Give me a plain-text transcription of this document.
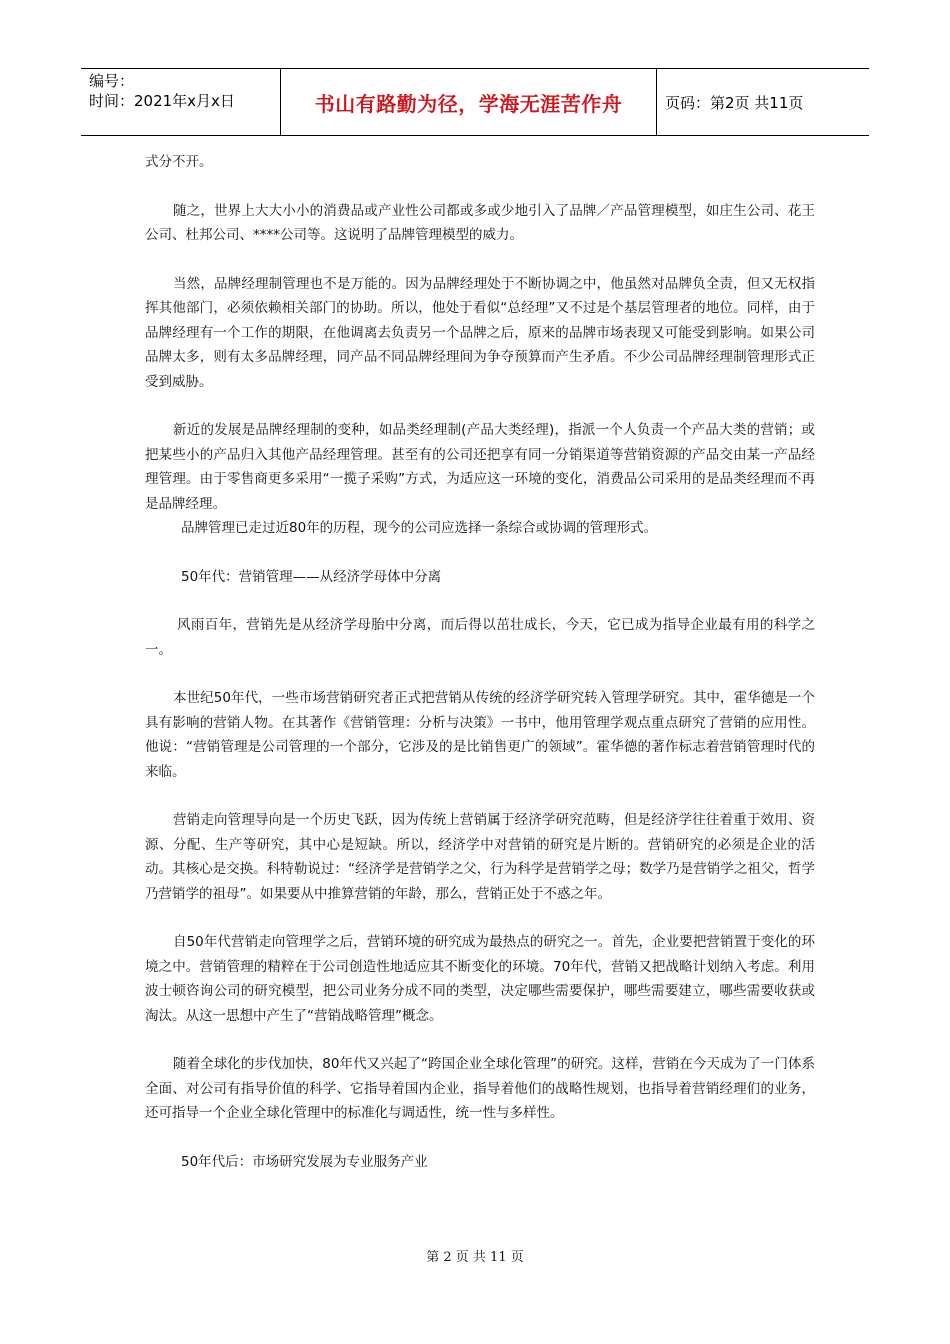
编号：
时间：2021年x月x日	书山有路勤为径，学海无涯苦作舟	页码：第2页 共11页

式分不开。

随之，世界上大大小小的消费品或产业性公司都或多或少地引入了品牌／产品管理模型，如庄生公司、花王公司、杜邦公司、****公司等。这说明了品牌管理模型的威力。

当然，品牌经理制管理也不是万能的。因为品牌经理处于不断协调之中，他虽然对品牌负全责，但又无权指挥其他部门，必须依赖相关部门的协助。所以，他处于看似“总经理”又不过是个基层管理者的地位。同样，由于品牌经理有一个工作的期限，在他调离去负责另一个品牌之后，原来的品牌市场表现又可能受到影响。如果公司品牌太多，则有太多品牌经理，同产品不同品牌经理间为争夺预算而产生矛盾。不少公司品牌经理制管理形式正受到威胁。

新近的发展是品牌经理制的变种，如品类经理制(产品大类经理)，指派一个人负责一个产品大类的营销；或把某些小的产品归入其他产品经理管理。甚至有的公司还把享有同一分销渠道等营销资源的产品交由某一产品经理管理。由于零售商更多采用“一揽子采购”方式，为适应这一环境的变化，消费品公司采用的是品类经理而不再是品牌经理。

品牌管理已走过近80年的历程，现今的公司应选择一条综合或协调的管理形式。

50年代：营销管理——从经济学母体中分离

风雨百年，营销先是从经济学母胎中分离，而后得以茁壮成长，今天，它已成为指导企业最有用的科学之一。

本世纪50年代，一些市场营销研究者正式把营销从传统的经济学研究转入管理学研究。其中，霍华德是一个具有影响的营销人物。在其著作《营销管理：分析与决策》一书中，他用管理学观点重点研究了营销的应用性。他说：“营销管理是公司管理的一个部分，它涉及的是比销售更广的领域”。霍华德的著作标志着营销管理时代的来临。

营销走向管理导向是一个历史飞跃，因为传统上营销属于经济学研究范畴，但是经济学往往着重于效用、资源、分配、生产等研究，其中心是短缺。所以，经济学中对营销的研究是片断的。营销研究的必须是企业的活动。其核心是交换。科特勒说过：“经济学是营销学之父，行为科学是营销学之母；数学乃是营销学之祖父，哲学乃营销学的祖母”。如果要从中推算营销的年龄，那么，营销正处于不惑之年。

自50年代营销走向管理学之后，营销环境的研究成为最热点的研究之一。首先，企业要把营销置于变化的环境之中。营销管理的精粹在于公司创造性地适应其不断变化的环境。70年代，营销又把战略计划纳入考虑。利用波士顿咨询公司的研究模型，把公司业务分成不同的类型，决定哪些需要保护，哪些需要建立，哪些需要收获或淘汰。从这一思想中产生了“营销战略管理”概念。

随着全球化的步伐加快，80年代又兴起了“跨国企业全球化管理”的研究。这样，营销在今天成为了一门体系全面、对公司有指导价值的科学、它指导着国内企业，指导着他们的战略性规划，也指导着营销经理们的业务，还可指导一个企业全球化管理中的标准化与调适性，统一性与多样性。

50年代后：市场研究发展为专业服务产业

第 2 页 共 11 页
